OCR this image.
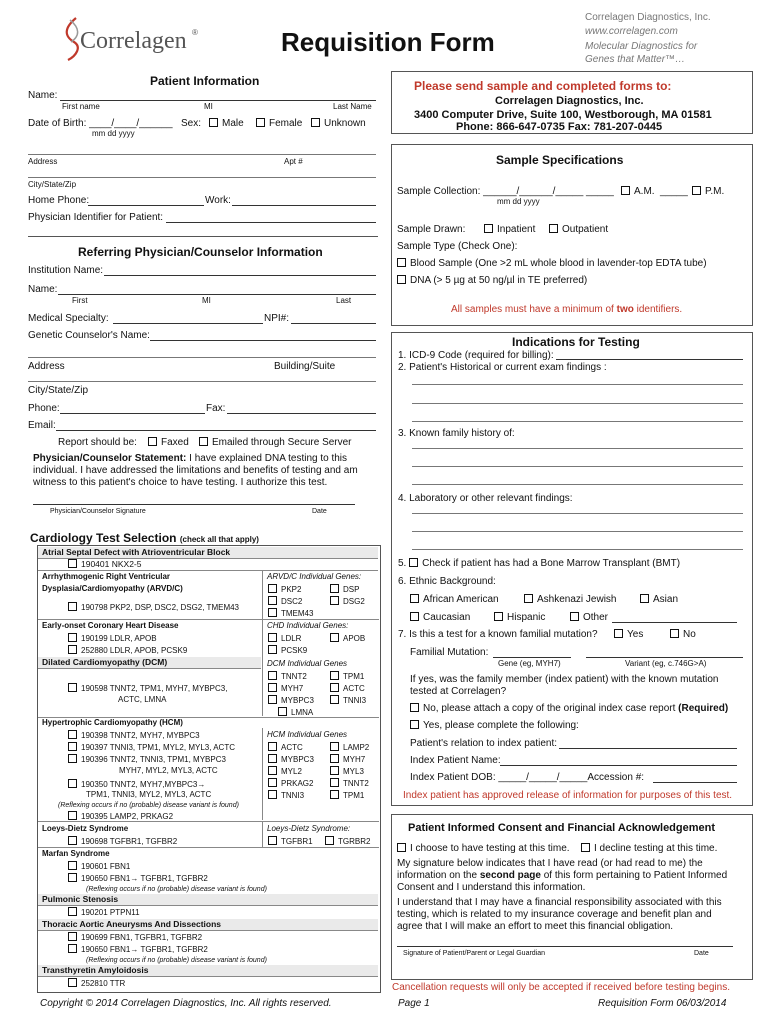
Correlagen ®	Requisition Form
Correlagen Diagnostics, Inc.
www.correlagen.com
Molecular Diagnostics for
Genes that Matter™…
Patient Information
Name:
First name	MI	Last Name
Date of Birth: ____/____/______
mm dd yyyy
Sex:	Male	Female	Unknown
Address	Apt #
City/State/Zip
Home Phone:	Work:
Physician Identifier for Patient:
Referring Physician/Counselor Information
Institution Name:
Name:
First	MI	Last
Medical Specialty:	NPI#:
Genetic Counselor's Name:
Address	Building/Suite
City/State/Zip
Phone:	Fax:
Email:
Report should be:	Faxed	Emailed through Secure Server
Physician/Counselor Statement: I have explained DNA testing to this
individual. I have addressed the limitations and benefits of testing and am
witness to this patient's choice to have testing. I authorize this test.
Physician/Counselor Signature	Date
Cardiology Test Selection (check all that apply)
Atrial Septal Defect with Atrioventricular Block
190401 NKX2-5
Arrhythmogenic Right Ventricular
Dysplasia/Cardiomyopathy (ARVD/C)
190798 PKP2, DSP, DSC2, DSG2, TMEM43
ARVD/C Individual Genes:
PKP2	DSP
DSC2	DSG2
TMEM43
Early-onset Coronary Heart Disease
190199 LDLR, APOB
252880 LDLR, APOB, PCSK9
CHD Individual Genes:
LDLR	APOB
PCSK9
Dilated Cardiomyopathy (DCM)
190598 TNNT2, TPM1, MYH7, MYBPC3,
ACTC, LMNA
DCM Individual Genes
TNNT2	TPM1
MYH7	ACTC
MYBPC3	TNNI3
LMNA
Hypertrophic Cardiomyopathy (HCM)
190398 TNNT2, MYH7, MYBPC3
190397 TNNI3, TPM1, MYL2, MYL3, ACTC
190396 TNNT2, TNNI3, TPM1, MYBPC3
MYH7, MYL2, MYL3, ACTC
190350 TNNT2, MYH7,MYBPC3→
TPM1, TNNI3, MYL2, MYL3, ACTC
(Reflexing occurs if no (probable) disease variant is found)
190395 LAMP2, PRKAG2
HCM Individual Genes
ACTC	LAMP2
MYBPC3	MYH7
MYL2	MYL3
PRKAG2	TNNT2
TNNI3	TPM1
Loeys-Dietz Syndrome
190698 TGFBR1, TGFBR2
Loeys-Dietz Syndrome:
TGFBR1	TGRBR2
Marfan Syndrome
190601 FBN1
190650 FBN1→ TGFBR1, TGFBR2
(Reflexing occurs if no (probable) disease variant is found)
Pulmonic Stenosis
190201 PTPN11
Thoracic Aortic Aneurysms And Dissections
190699 FBN1, TGFBR1, TGFBR2
190650 FBN1→ TGFBR1, TGFBR2
(Reflexing occurs if no (probable) disease variant is found)
Transthyretin Amyloidosis
252810 TTR
Please send sample and completed forms to:
Correlagen Diagnostics, Inc.
3400 Computer Drive, Suite 100, Westborough, MA 01581
Phone: 866-647-0735 Fax: 781-207-0445
Sample Specifications
Sample Collection: ______/______/_____ _____	A.M. _____	P.M.
mm dd yyyy
Sample Drawn:	Inpatient	Outpatient
Sample Type (Check One):
Blood Sample (One >2 mL whole blood in lavender-top EDTA tube)
DNA (> 5 µg at 50 ng/µl in TE preferred)
All samples must have a minimum of two identifiers.
Indications for Testing
1. ICD-9 Code (required for billing):
2. Patient's Historical or current exam findings :
3. Known family history of:
4. Laboratory or other relevant findings:
5. Check if patient has had a Bone Marrow Transplant (BMT)
6. Ethnic Background:
African American	Ashkenazi Jewish	Asian
Caucasian	Hispanic	Other
7. Is this a test for a known familial mutation?	Yes	No
Familial Mutation:
Gene (eg, MYH7)	Variant (eg, c.746G>A)
If yes, was the family member (index patient) with the known mutation
tested at Correlagen?
No, please attach a copy of the original index case report (Required)
Yes, please complete the following:
Patient's relation to index patient:
Index Patient Name:
Index Patient DOB: _____/_____/_____Accession #:
Index patient has approved release of information for purposes of this test.
Patient Informed Consent and Financial Acknowledgement
I choose to have testing at this time.	I decline testing at this time.
My signature below indicates that I have read (or had read to me) the
information on the second page of this form pertaining to Patient Informed
Consent and I understand this information.
I understand that I may have a financial responsibility associated with this
testing, which is related to my insurance coverage and benefit plan and
agree that I will make an effort to meet this financial obligation.
Signature of Patient/Parent or Legal Guardian	Date
Cancellation requests will only be accepted if received before testing begins.
Copyright © 2014 Correlagen Diagnostics, Inc. All rights reserved.	Page 1	Requisition Form 06/03/2014
